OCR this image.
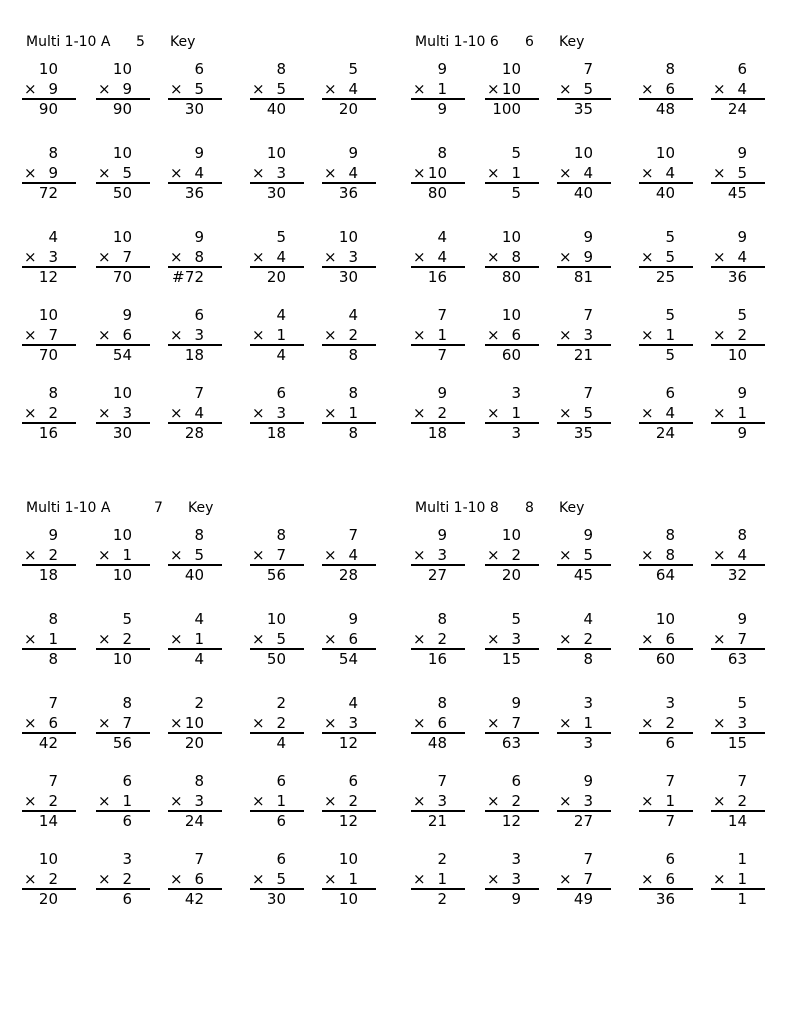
Multi 1-10 A 5 Key
10
× 9
90
10
× 9
90
6
× 5
30
8
× 5
40
5
× 4
20
8
× 9
72
10
× 5
50
9
× 4
36
10
× 3
30
9
× 4
36
4
× 3
12
10
× 7
70
9
× 8
# 72
5
× 4
20
10
× 3
30
10
× 7
70
9
× 6
54
6
× 3
18
4
× 1
4
4
× 2
8
8
× 2
16
10
× 3
30
7
× 4
28
6
× 3
18
8
× 1
8
Multi 1-10 6 6 Key
9
× 1
9
10
× 10
100
7
× 5
35
8
× 6
48
6
× 4
24
8
× 10
80
5
× 1
5
10
× 4
40
10
× 4
40
9
× 5
45
4
× 4
16
10
× 8
80
9
× 9
81
5
× 5
25
9
× 4
36
7
× 1
7
10
× 6
60
7
× 3
21
5
× 1
5
5
× 2
10
9
× 2
18
3
× 1
3
7
× 5
35
6
× 4
24
9
× 1
9
Multi 1-10 A	7 Key
9
× 2
18
10
× 1
10
8
× 5
40
8
× 7
56
7
× 4
28
8
× 1
8
5
× 2
10
4
× 1
4
10
× 5
50
9
× 6
54
7
× 6
42
8
× 7
56
2
× 10
20
2
× 2
4
4
× 3
12
7
× 2
14
6
× 1
6
8
× 3
24
6
× 1
6
6
× 2
12
10
× 2
20
3
× 2
6
7
× 6
42
6
× 5
30
10
× 1
10
Multi 1-10 8 8 Key
9
× 3
27
10
× 2
20
9
× 5
45
8
× 8
64
8
× 4
32
8
× 2
16
5
× 3
15
4
× 2
8
10
× 6
60
9
× 7
63
8
× 6
48
9
× 7
63
3
× 1
3
3
× 2
6
5
× 3
15
7
× 3
21
6
× 2
12
9
× 3
27
7
× 1
7
7
× 2
14
2
× 1
2
3
× 3
9
7
× 7
49
6
× 6
36
1
× 1
1
